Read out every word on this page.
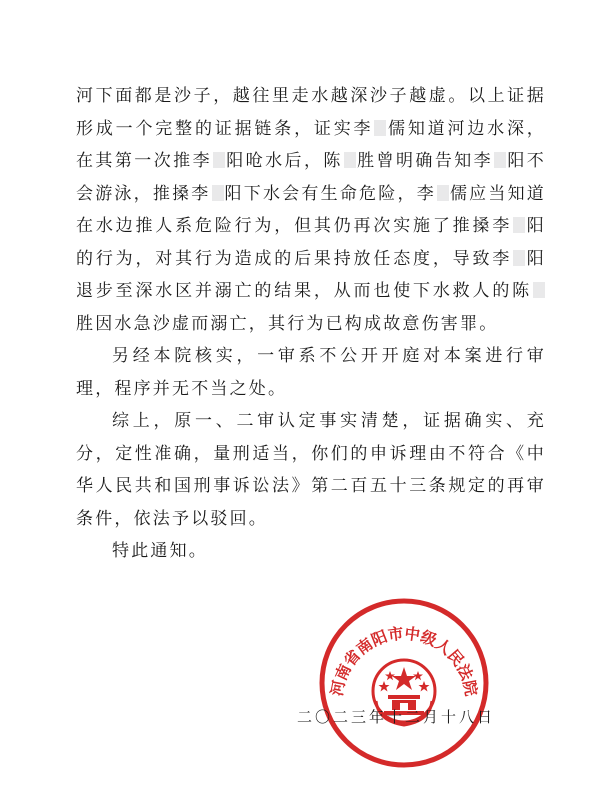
河下面都是沙子，越往里走水越深沙子越虚。以上证据形成一个完整的证据链条，证实李 儒知道河边水深，在其第一次推李 阳呛水后，陈 胜曾明确告知李 阳不会游泳，推搡李 阳下水会有生命危险，李 儒应当知道在水边推人系危险行为，但其仍再次实施了推搡李 阳的行为，对其行为造成的后果持放任态度，导致李 阳退步至深水区并溺亡的结果，从而也使下水救人的陈胜因水急沙虚而溺亡，其行为已构成故意伤害罪。

另经本院核实，一审系不公开开庭对本案进行审理，程序并无不当之处。

综上，原一、二审认定事实清楚，证据确实、充分，定性准确，量刑适当，你们的申诉理由不符合《中华人民共和国刑事诉讼法》第二百五十三条规定的再审条件，依法予以驳回。

特此通知。

河南省南阳市中级人民法院
二〇二三年十二月十八日
